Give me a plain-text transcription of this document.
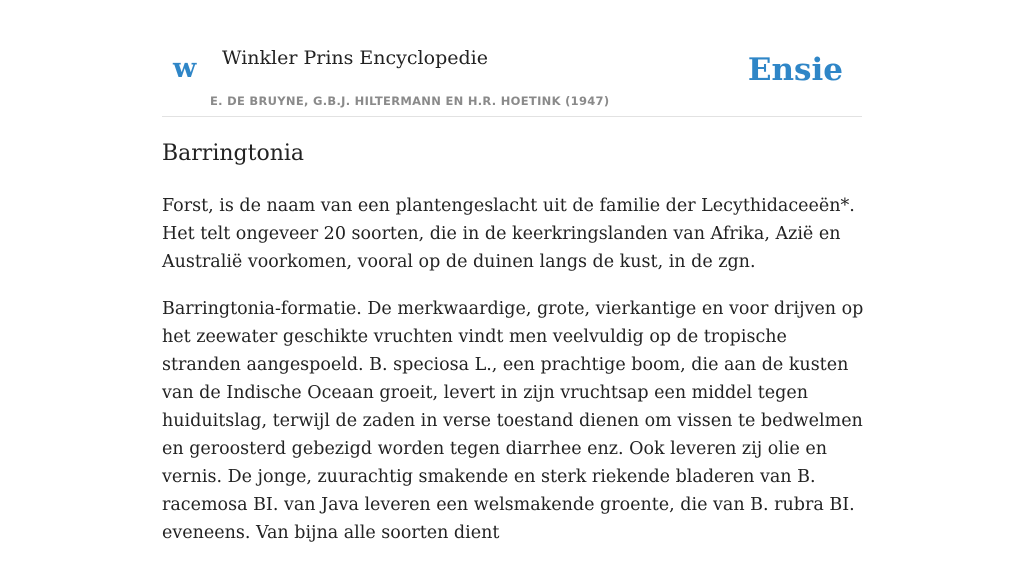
w Winkler Prins Encyclopedie
E. DE BRUYNE, G.B.J. HILTERMANN EN H.R. HOETINK (1947)
Ensie
Barringtonia

Forst, is de naam van een plantengeslacht uit de familie der Lecythidaceeën*. Het telt ongeveer 20 soorten, die in de keerkringslanden van Afrika, Azië en Australië voorkomen, vooral op de duinen langs de kust, in de zgn.

Barringtonia-formatie. De merkwaardige, grote, vierkantige en voor drijven op het zeewater geschikte vruchten vindt men veelvuldig op de tropische stranden aangespoeld. B. speciosa L., een prachtige boom, die aan de kusten van de Indische Oceaan groeit, levert in zijn vruchtsap een middel tegen huiduitslag, terwijl de zaden in verse toestand dienen om vissen te bedwelmen en geroosterd gebezigd worden tegen diarrhee enz. Ook leveren zij olie en vernis. De jonge, zuurachtig smakende en sterk riekende bladeren van B. racemosa BI. van Java leveren een welsmakende groente, die van B. rubra BI. eveneens. Van bijna alle soorten dient
